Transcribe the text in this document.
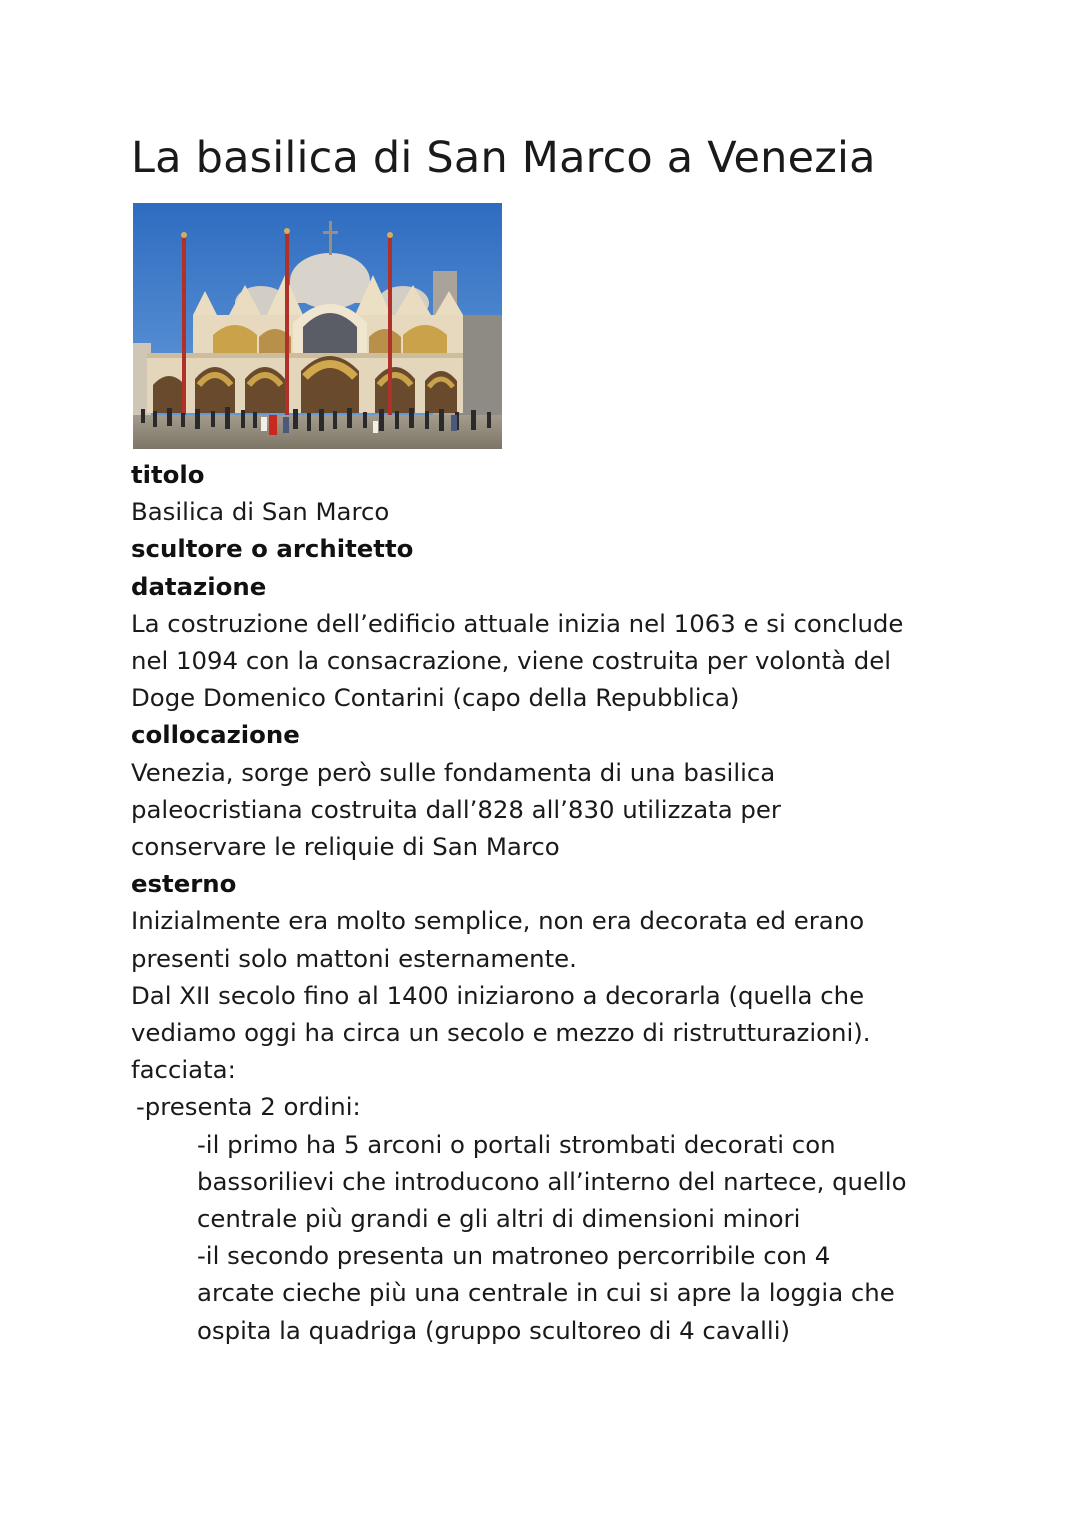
La basilica di San Marco a Venezia

titolo

Basilica di San Marco

scultore o architetto

datazione

La costruzione dell’edificio attuale inizia nel 1063 e si conclude

nel 1094 con la consacrazione, viene costruita per volontà del

Doge Domenico Contarini (capo della Repubblica)

collocazione

Venezia, sorge però sulle fondamenta di una basilica

paleocristiana costruita dall’828 all’830 utilizzata per

conservare le reliquie di San Marco

esterno

Inizialmente era molto semplice, non era decorata ed erano

presenti solo mattoni esternamente.

Dal XII secolo fino al 1400 iniziarono a decorarla (quella che

vediamo oggi ha circa un secolo e mezzo di ristrutturazioni).

facciata:

-presenta 2 ordini:

-il primo ha 5 arconi o portali strombati decorati con

bassorilievi che introducono all’interno del nartece, quello

centrale più grandi e gli altri di dimensioni minori

-il secondo presenta un matroneo percorribile con 4

arcate cieche più una centrale in cui si apre la loggia che

ospita la quadriga (gruppo scultoreo di 4 cavalli)
